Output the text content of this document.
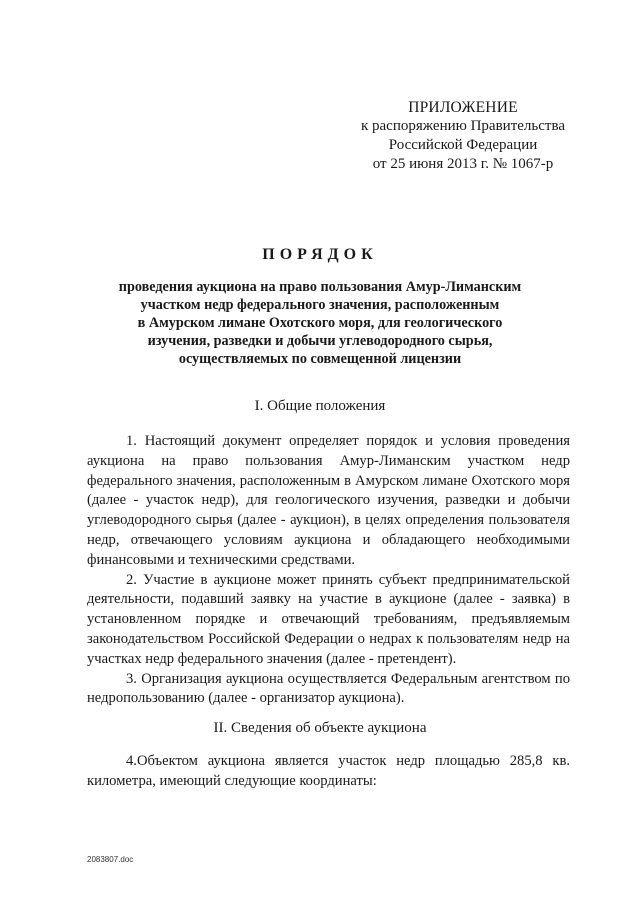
ПРИЛОЖЕНИЕ
к распоряжению Правительства
Российской Федерации
от 25 июня 2013 г. № 1067-р
ПОРЯДОК
проведения аукциона на право пользования Амур-Лиманским
участком недр федерального значения, расположенным
в Амурском лимане Охотского моря, для геологического
изучения, разведки и добычи углеводородного сырья,
осуществляемых по совмещенной лицензии
I. Общие положения

1. Настоящий документ определяет порядок и условия проведения аукциона на право пользования Амур-Лиманским участком недр федерального значения, расположенным в Амурском лимане Охотского моря (далее - участок недр), для геологического изучения, разведки и добычи углеводородного сырья (далее - аукцион), в целях определения пользователя недр, отвечающего условиям аукциона и обладающего необходимыми финансовыми и техническими средствами.

2. Участие в аукционе может принять субъект предпринимательской деятельности, подавший заявку на участие в аукционе (далее - заявка) в установленном порядке и отвечающий требованиям, предъявляемым законодательством Российской Федерации о недрах к пользователям недр на участках недр федерального значения (далее - претендент).

3. Организация аукциона осуществляется Федеральным агентством по недропользованию (далее - организатор аукциона).

II. Сведения об объекте аукциона

4.Объектом аукциона является участок недр площадью 285,8 кв. километра, имеющий следующие координаты:

2083807.doc
